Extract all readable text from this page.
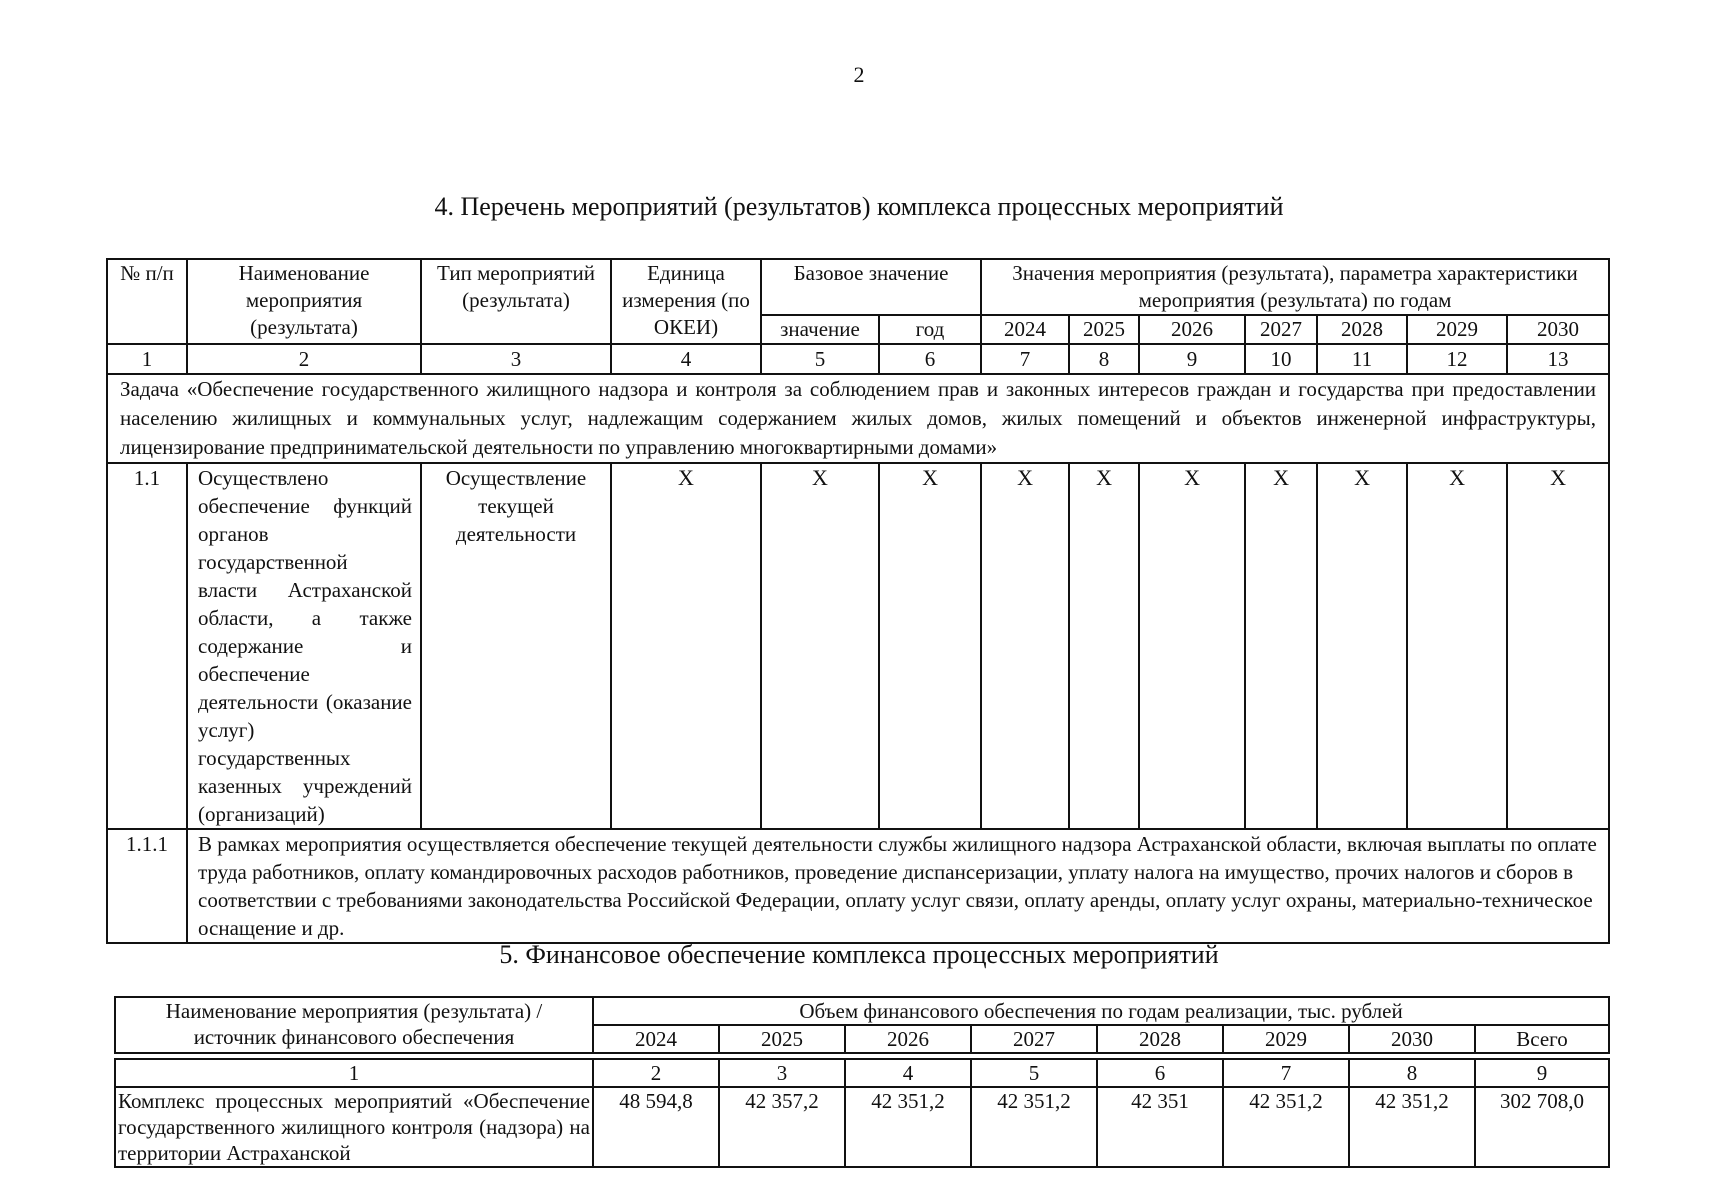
2
4. Перечень мероприятий (результатов) комплекса процессных мероприятий
№ п/п	Наименование мероприятия (результата)	Тип мероприятий (результата)	Единица измерения (по ОКЕИ)	Базовое значение		Значения мероприятия (результата), параметра характеристики мероприятия (результата) по годам						
				значение	год	2024	2025	2026	2027	2028	2029	2030
1	2	3	4	5	6	7	8	9	10	11	12	13
Задача «Обеспечение государственного жилищного надзора и контроля за соблюдением прав и законных интересов граждан и государства при предоставлении населению жилищных и коммунальных услуг, надлежащим содержанием жилых домов, жилых помещений и объектов инженерной инфраструктуры, лицензирование предпринимательской деятельности по управлению многоквартирными домами»												
1.1	Осуществлено обеспечение функций органов государственной власти Астраханской области, а также содержание и обеспечение деятельности (оказание услуг) государственных казенных учреждений (организаций)	Осуществление текущей деятельности	X	X	X	X	X	X	X	X	X	X
1.1.1	В рамках мероприятия осуществляется обеспечение текущей деятельности службы жилищного надзора Астраханской области, включая выплаты по оплате труда работников, оплату командировочных расходов работников, проведение диспансеризации, уплату налога на имущество, прочих налогов и сборов в соответствии с требованиями законодательства Российской Федерации, оплату услуг связи, оплату аренды, оплату услуг охраны, материально-техническое оснащение и др.											
5. Финансовое обеспечение комплекса процессных мероприятий
Наименование мероприятия (результата) / источник финансового обеспечения	Объем финансового обеспечения по годам реализации, тыс. рублей							
	2024	2025	2026	2027	2028	2029	2030	Всего

1	2	3	4	5	6	7	8	9
Комплекс процессных мероприятий «Обеспечение государственного жилищного контроля (надзора) на территории Астраханской	48 594,8	42 357,2	42 351,2	42 351,2	42 351	42 351,2	42 351,2	302 708,0
